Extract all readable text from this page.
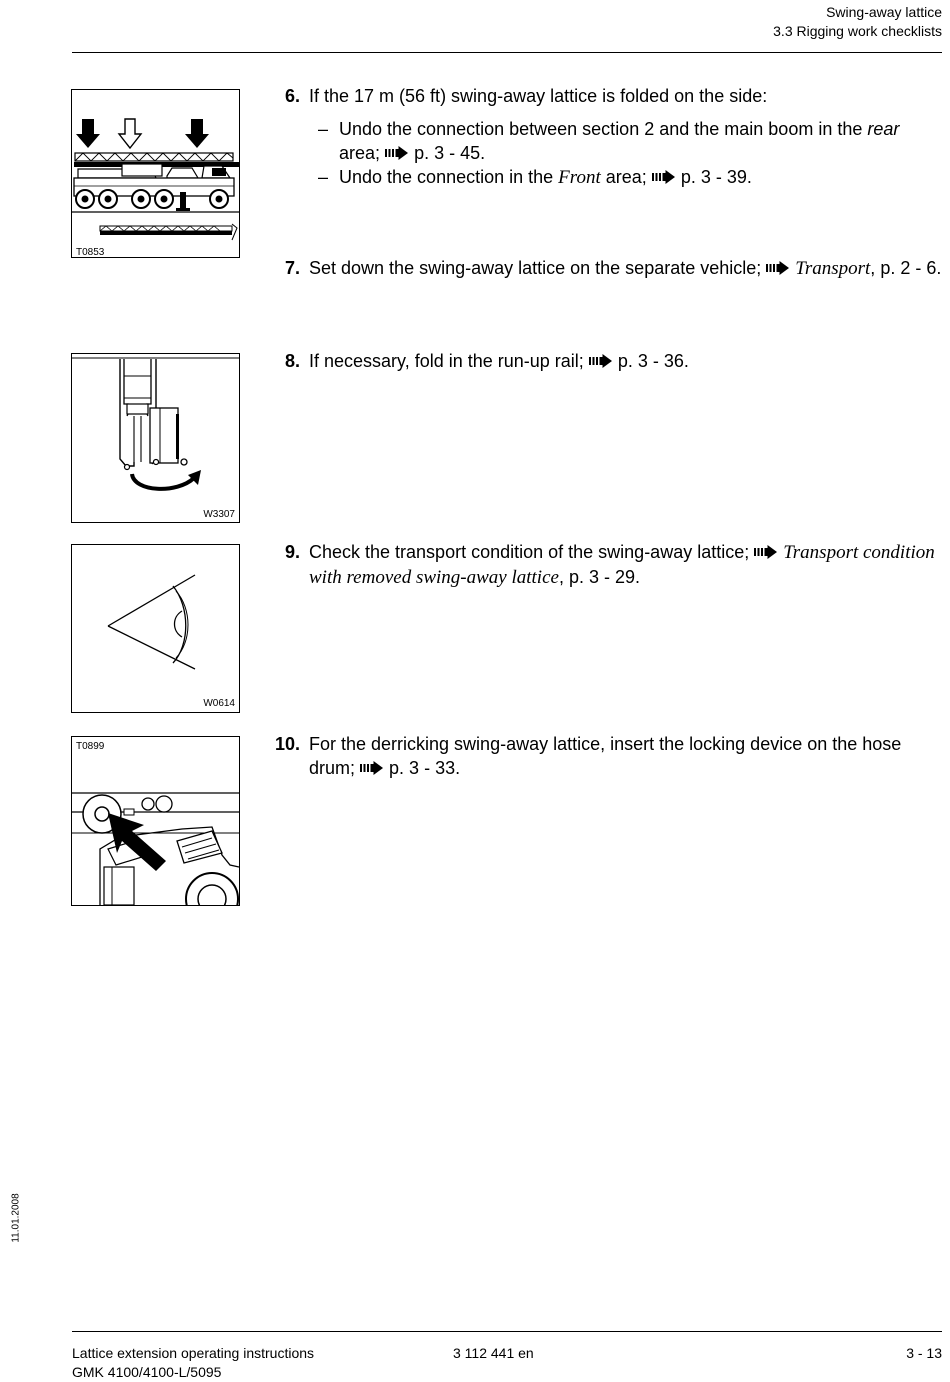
Swing-away lattice
3.3 Rigging work checklists
T0853
W3307
W0614
T0899
6. If the 17 m (56 ft) swing-away lattice is folded on the side:
– Undo the connection between section 2 and the main boom in the rear area; p. 3 - 45.
– Undo the connection in the Front area; p. 3 - 39.
7. Set down the swing-away lattice on the separate vehicle; Transport, p. 2 - 6.
8. If necessary, fold in the run-up rail; p. 3 - 36.
9. Check the transport condition of the swing-away lattice; Transport condition with removed swing-away lattice, p. 3 - 29.
10. For the derricking swing-away lattice, insert the locking device on the hose drum; p. 3 - 33.
11.01.2008
Lattice extension operating instructions
GMK 4100/4100-L/5095
3 112 441 en	3 - 13
